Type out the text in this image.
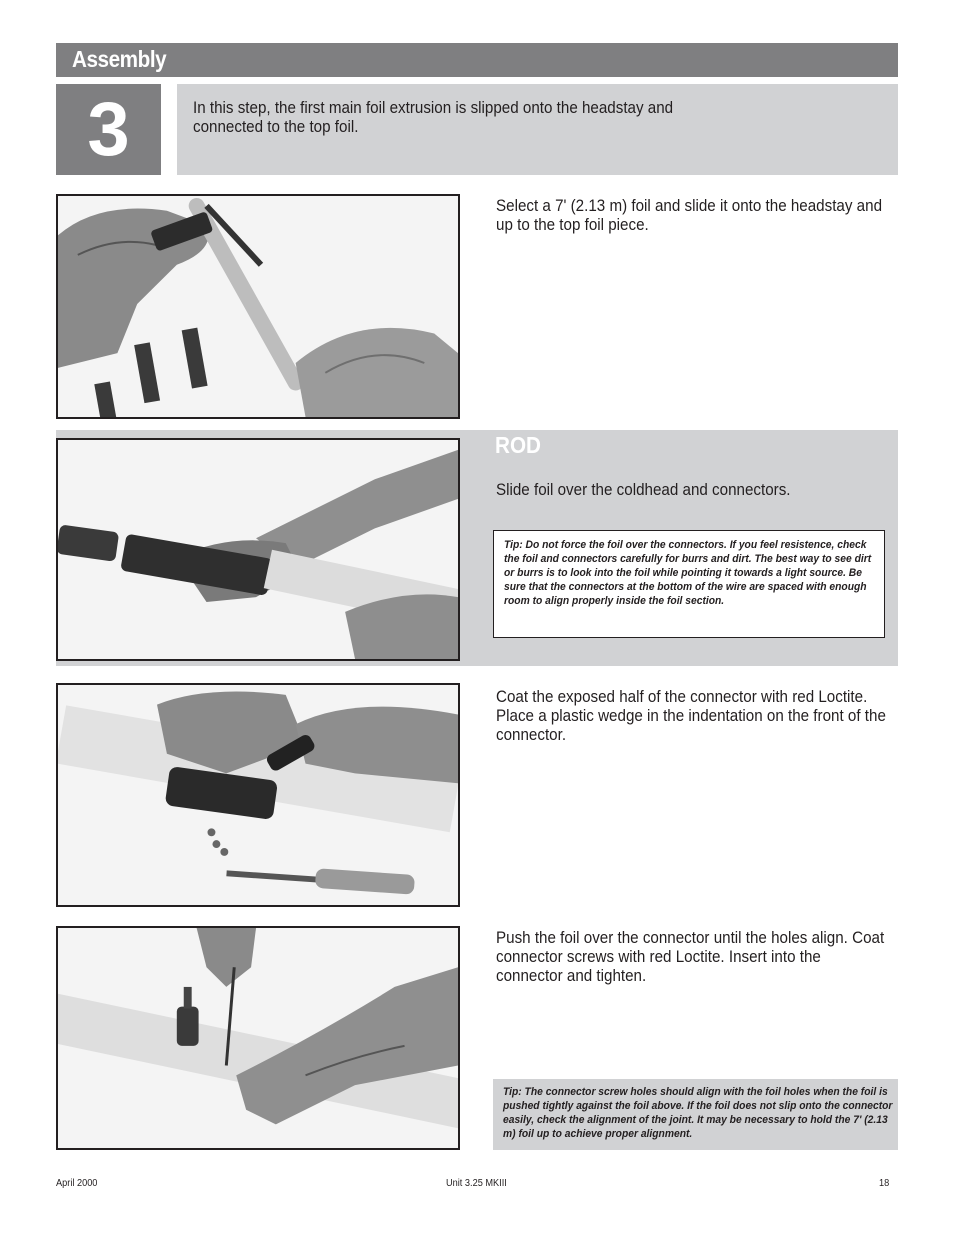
Assembly
3	In this step, the first main foil extrusion is slipped onto the headstay and connected to the top foil.

ROD

Select a 7' (2.13 m) foil and slide it onto the headstay and up to the top foil piece.

Slide foil over the coldhead and connectors.

Tip: Do not force the foil over the connectors. If you feel resistence, check the foil and connectors carefully for burrs and dirt. The best way to see dirt or burrs is to look into the foil while pointing it towards a light source. Be sure that the connectors at the bottom of the wire are spaced with enough room to align properly inside the foil section.

Coat the exposed half of the connector with red Loctite. Place a plastic wedge in the indentation on the front of the connector.

Push the foil over the connector until the holes align. Coat connector screws with red Loctite. Insert into the connector and tighten.

Tip: The connector screw holes should align with the foil holes when the foil is pushed tightly against the foil above. If the foil does not slip onto the connector easily, check the alignment of the joint. It may be necessary to hold the 7' (2.13 m) foil up to achieve proper alignment.

April 2000	Unit 3.25 MKIII	18
